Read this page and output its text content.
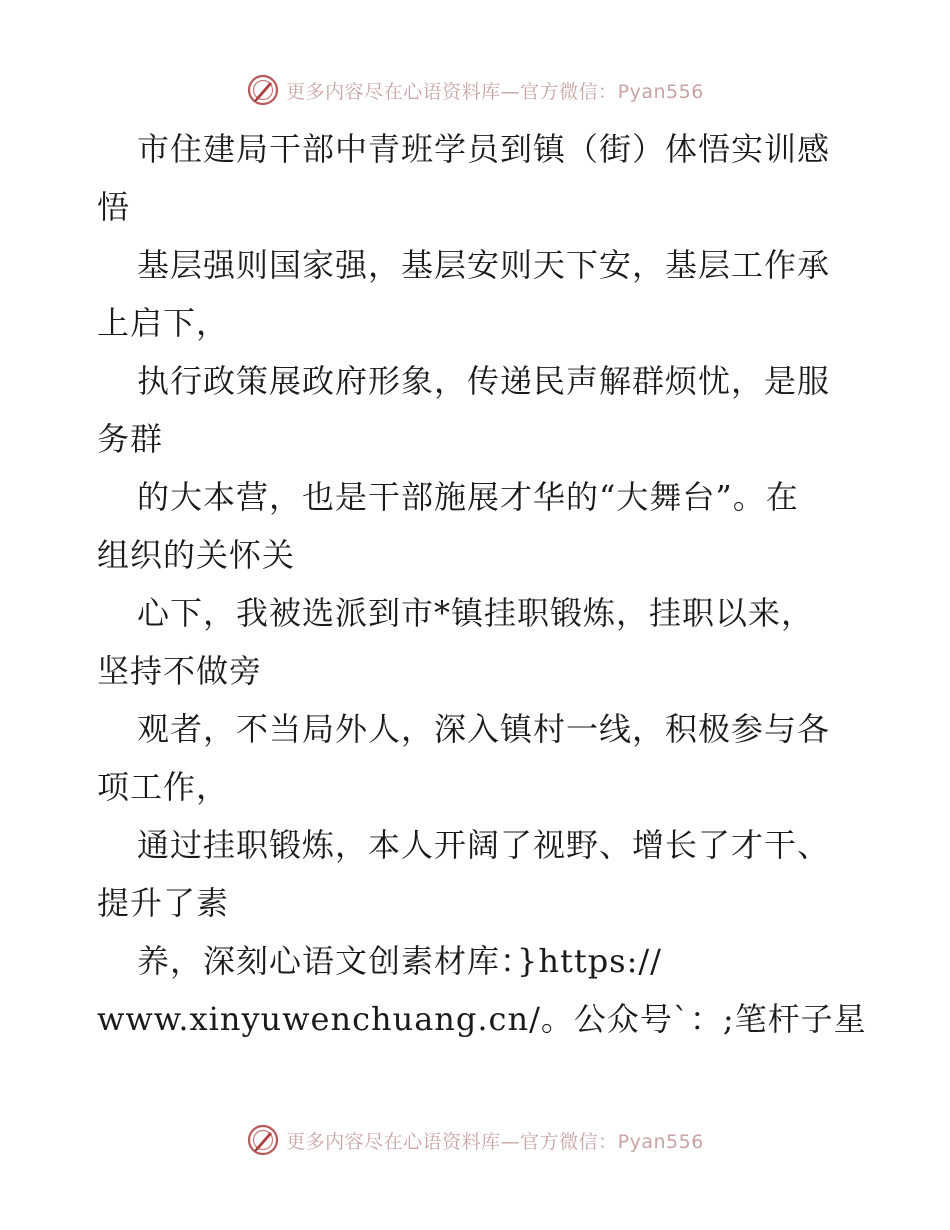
更多内容尽在心语资料库—官方微信：Pyan556
市住建局干部中青班学员到镇（街）体悟实训感
悟
基层强则国家强，基层安则天下安，基层工作承
上启下，
执行政策展政府形象，传递民声解群烦忧，是服
务群
的大本营，也是干部施展才华的“大舞台”。在
组织的关怀关
心下，我被选派到市*镇挂职锻炼，挂职以来，
坚持不做旁
观者，不当局外人，深入镇村一线，积极参与各
项工作，
通过挂职锻炼，本人开阔了视野、增长了才干、
提升了素
养，深刻心语文创素材库：}https://
www.xinyuwenchuang.cn/。公众号`：;笔杆子星
更多内容尽在心语资料库—官方微信：Pyan556
